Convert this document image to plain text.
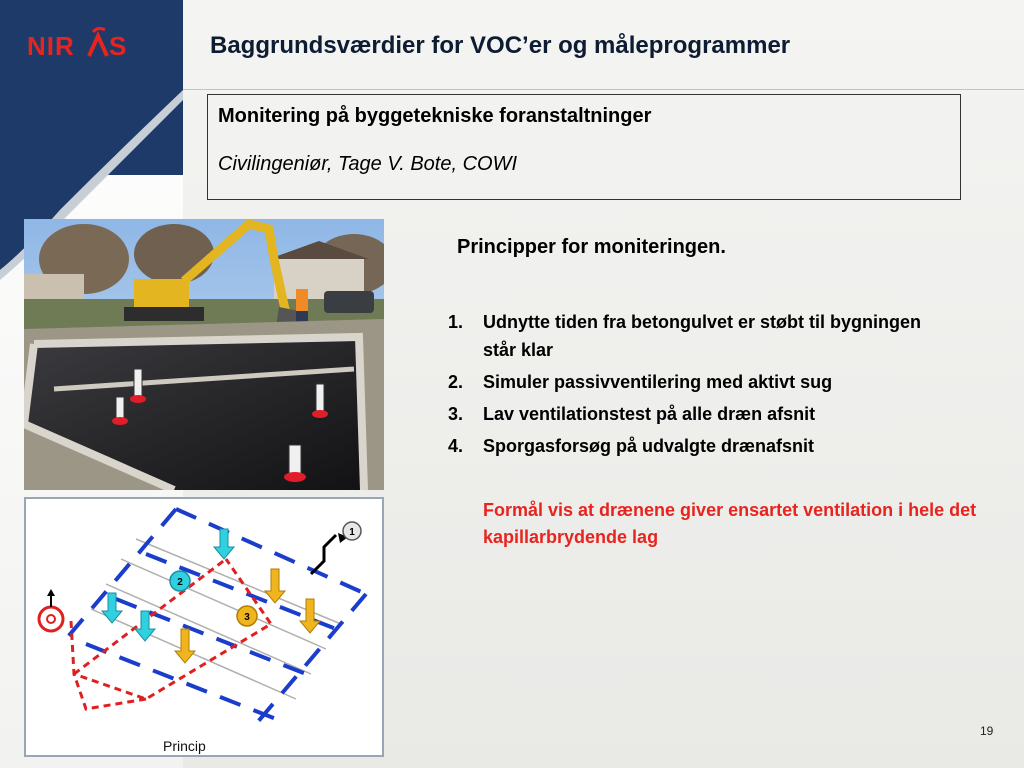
NIR S	Baggrundsværdier for VOC’er og måleprogrammer
Monitering på byggetekniske foranstaltninger
Civilingeniør, Tage V. Bote, COWI
1
2
3
Princip
Principper for moniteringen.
1. Udnytte tiden fra betongulvet er støbt til bygningen står klar
2. Simuler passivventilering med aktivt sug
3. Lav ventilationstest på alle dræn afsnit
4. Sporgasforsøg på udvalgte drænafsnit
Formål vis at drænene giver ensartet ventilation i hele det kapillarbrydende lag
19
